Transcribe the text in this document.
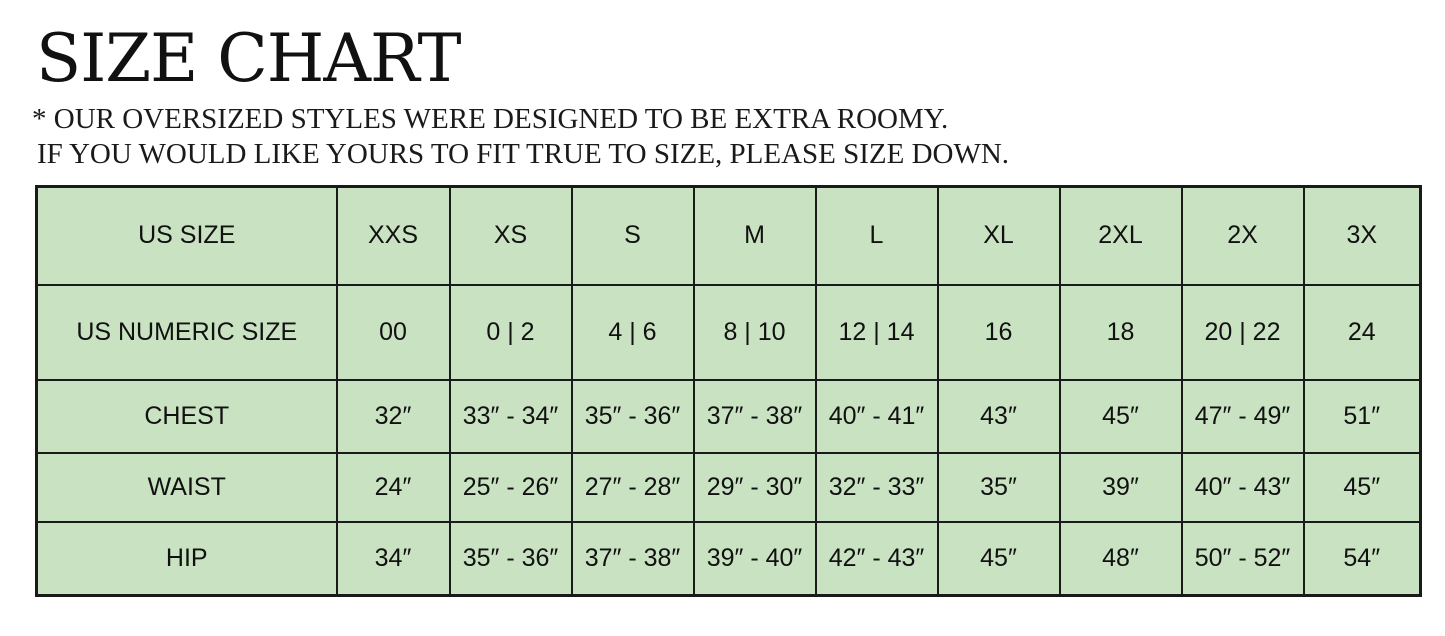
SIZE CHART

* OUR OVERSIZED STYLES WERE DESIGNED TO BE EXTRA ROOMY.
IF YOU WOULD LIKE YOURS TO FIT TRUE TO SIZE, PLEASE SIZE DOWN.

US SIZE	XXS	XS	S	M	L	XL	2XL	2X	3X
US NUMERIC SIZE	00	0 | 2	4 | 6	8 | 10	12 | 14	16	18	20 | 22	24
CHEST	32″	33″ - 34″	35″ - 36″	37″ - 38″	40″ - 41″	43″	45″	47″ - 49″	51″
WAIST	24″	25″ - 26″	27″ - 28″	29″ - 30″	32″ - 33″	35″	39″	40″ - 43″	45″
HIP	34″	35″ - 36″	37″ - 38″	39″ - 40″	42″ - 43″	45″	48″	50″ - 52″	54″
